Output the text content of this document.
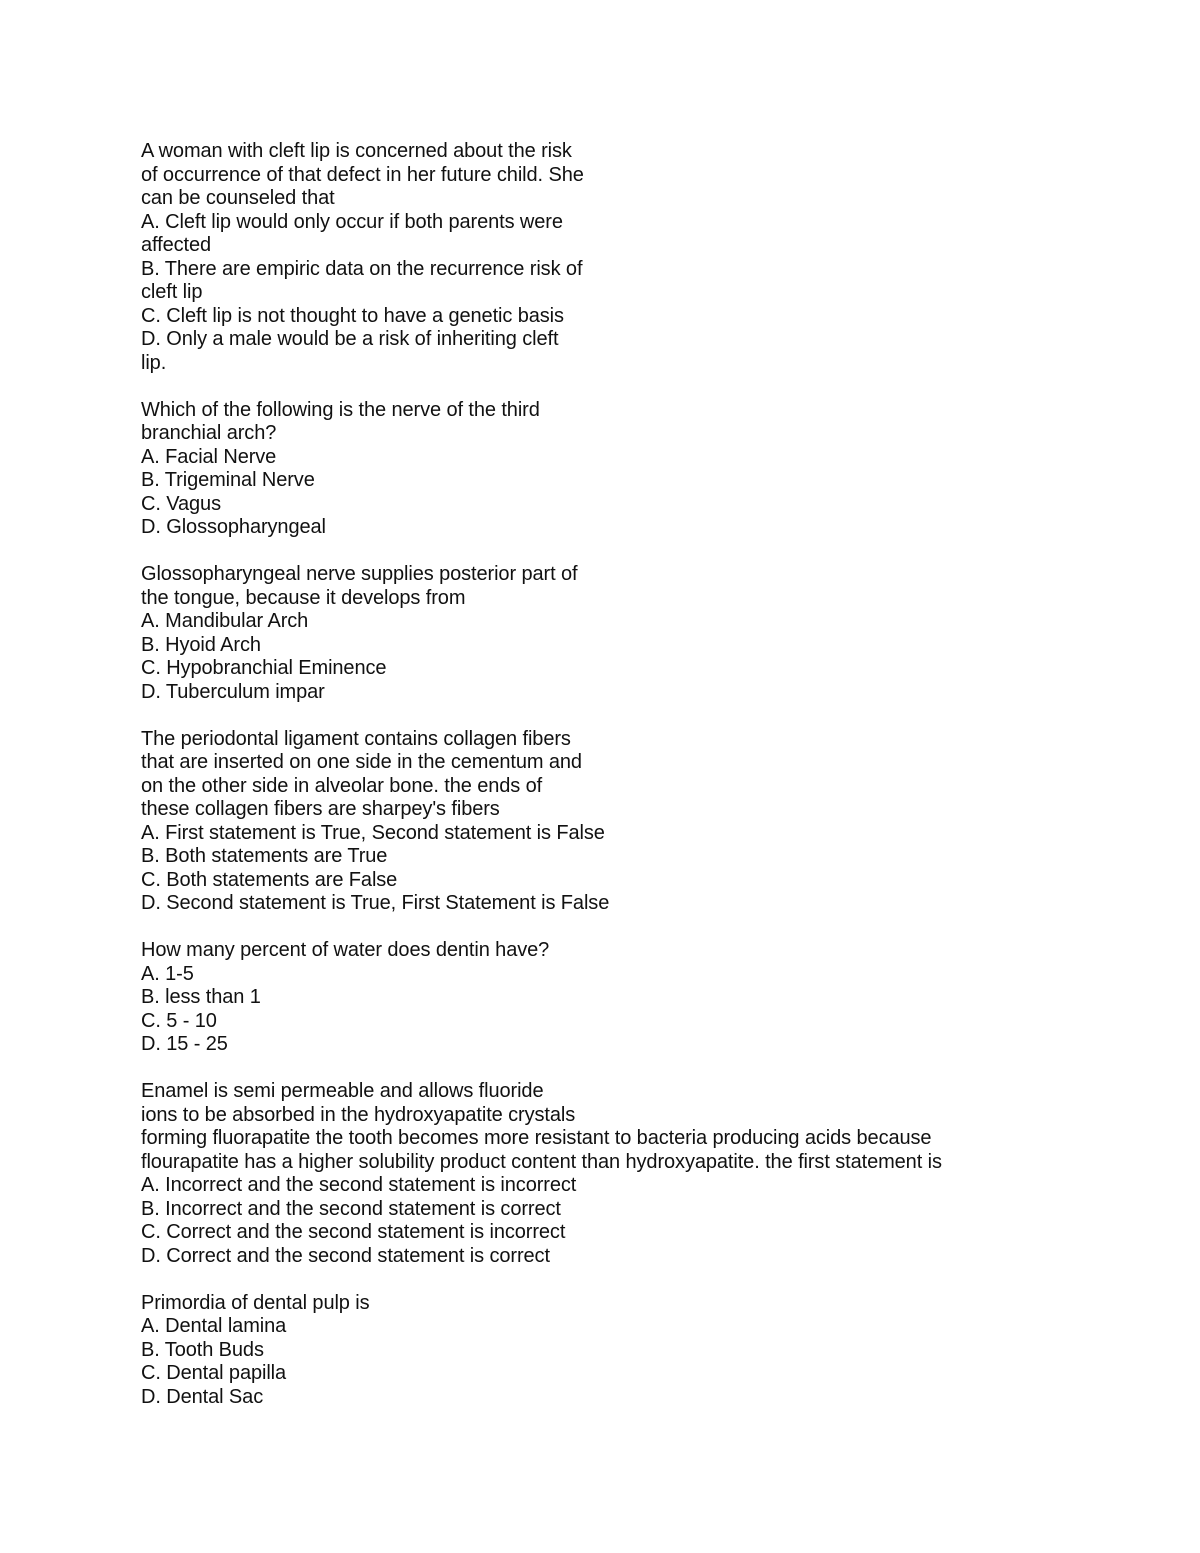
A woman with cleft lip is concerned about the risk
of occurrence of that defect in her future child. She
can be counseled that
A. Cleft lip would only occur if both parents were
affected
B. There are empiric data on the recurrence risk of
cleft lip
C. Cleft lip is not thought to have a genetic basis
D. Only a male would be a risk of inheriting cleft
lip.
Which of the following is the nerve of the third
branchial arch?
A. Facial Nerve
B. Trigeminal Nerve
C. Vagus
D. Glossopharyngeal
Glossopharyngeal nerve supplies posterior part of
the tongue, because it develops from
A. Mandibular Arch
B. Hyoid Arch
C. Hypobranchial Eminence
D. Tuberculum impar
The periodontal ligament contains collagen fibers
that are inserted on one side in the cementum and
on the other side in alveolar bone. the ends of
these collagen fibers are sharpey's fibers
A. First statement is True, Second statement is False
B. Both statements are True
C. Both statements are False
D. Second statement is True, First Statement is False
How many percent of water does dentin have?
A. 1-5
B. less than 1
C. 5 - 10
D. 15 - 25
Enamel is semi permeable and allows fluoride
ions to be absorbed in the hydroxyapatite crystals
forming fluorapatite the tooth becomes more resistant to bacteria producing acids because
flourapatite has a higher solubility product content than hydroxyapatite. the first statement is
A. Incorrect and the second statement is incorrect
B. Incorrect and the second statement is correct
C. Correct and the second statement is incorrect
D. Correct and the second statement is correct
Primordia of dental pulp is
A. Dental lamina
B. Tooth Buds
C. Dental papilla
D. Dental Sac
